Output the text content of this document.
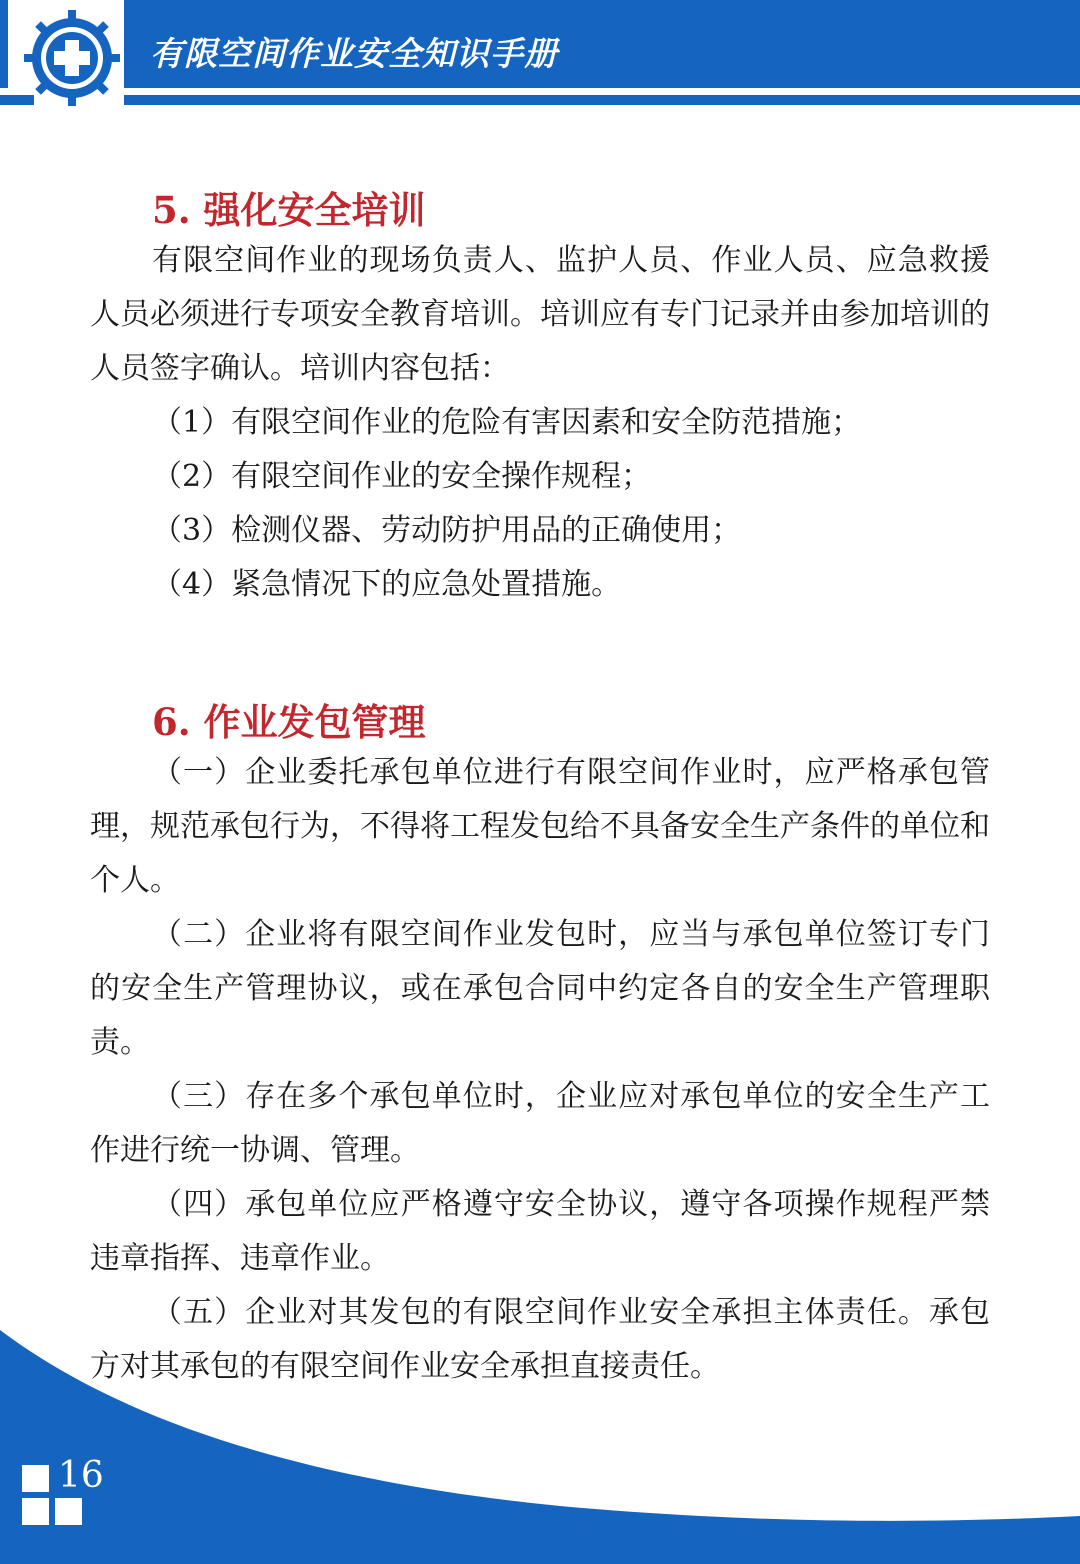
有限空间作业安全知识手册
5. 强化安全培训

有限空间作业的现场负责人、监护人员、作业人员、应急救援人员必须进行专项安全教育培训。培训应有专门记录并由参加培训的人员签字确认。培训内容包括：

（1）有限空间作业的危险有害因素和安全防范措施；

（2）有限空间作业的安全操作规程；

（3）检测仪器、劳动防护用品的正确使用；

（4）紧急情况下的应急处置措施。

6. 作业发包管理

（一）企业委托承包单位进行有限空间作业时，应严格承包管理，规范承包行为，不得将工程发包给不具备安全生产条件的单位和个人。

（二）企业将有限空间作业发包时，应当与承包单位签订专门的安全生产管理协议，或在承包合同中约定各自的安全生产管理职责。

（三）存在多个承包单位时，企业应对承包单位的安全生产工作进行统一协调、管理。

（四）承包单位应严格遵守安全协议，遵守各项操作规程严禁违章指挥、违章作业。

（五）企业对其发包的有限空间作业安全承担主体责任。承包方对其承包的有限空间作业安全承担直接责任。

16
